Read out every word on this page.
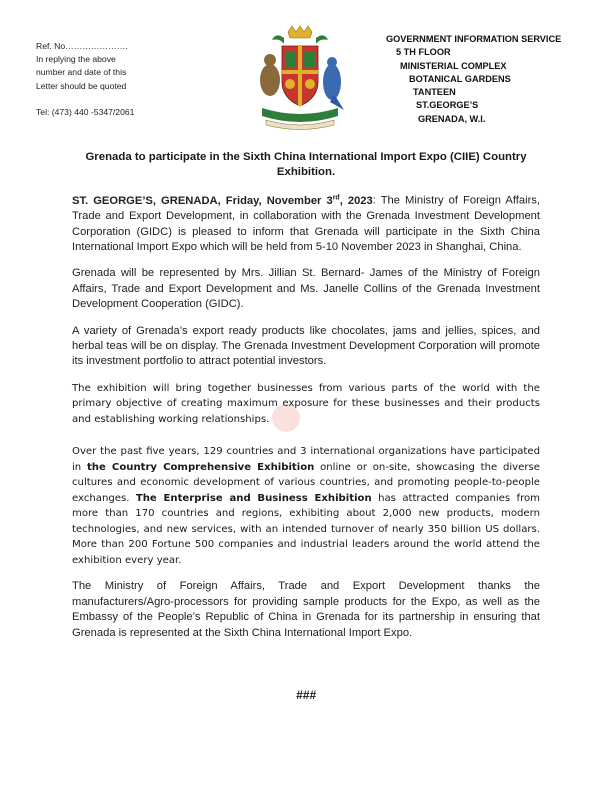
Ref. No………………….
In replying the above
number and date of this
Letter should be quoted
Tel: (473) 440 -5347/2061
GOVERNMENT INFORMATION SERVICE
5 TH FLOOR
MINISTERIAL COMPLEX
BOTANICAL GARDENS
TANTEEN
ST.GEORGE’S
GRENADA, W.I.
Grenada to participate in the Sixth China International Import Expo (CIIE) Country Exhibition.

ST. GEORGE’S, GRENADA, Friday, November 3rd, 2023: The Ministry of Foreign Affairs, Trade and Export Development, in collaboration with the Grenada Investment Development Corporation (GIDC) is pleased to inform that Grenada will participate in the Sixth China International Import Expo which will be held from 5-10 November 2023 in Shanghai, China.

Grenada will be represented by Mrs. Jillian St. Bernard- James of the Ministry of Foreign Affairs, Trade and Export Development and Ms. Janelle Collins of the Grenada Investment Development Cooperation (GIDC).

A variety of Grenada’s export ready products like chocolates, jams and jellies, spices, and herbal teas will be on display. The Grenada Investment Development Corporation will promote its investment portfolio to attract potential investors.

The exhibition will bring together businesses from various parts of the world with the primary objective of creating maximum exposure for these businesses and their products and establishing working relationships.

Over the past five years, 129 countries and 3 international organizations have participated in the Country Comprehensive Exhibition online or on-site, showcasing the diverse cultures and economic development of various countries, and promoting people-to-people exchanges. The Enterprise and Business Exhibition has attracted companies from more than 170 countries and regions, exhibiting about 2,000 new products, modern technologies, and new services, with an intended turnover of nearly 350 billion US dollars. More than 200 Fortune 500 companies and industrial leaders around the world attend the exhibition every year.

The Ministry of Foreign Affairs, Trade and Export Development thanks the manufacturers/Agro-processors for providing sample products for the Expo, as well as the Embassy of the People’s Republic of China in Grenada for its partnership in ensuring that Grenada is represented at the Sixth China International Import Expo.

###
